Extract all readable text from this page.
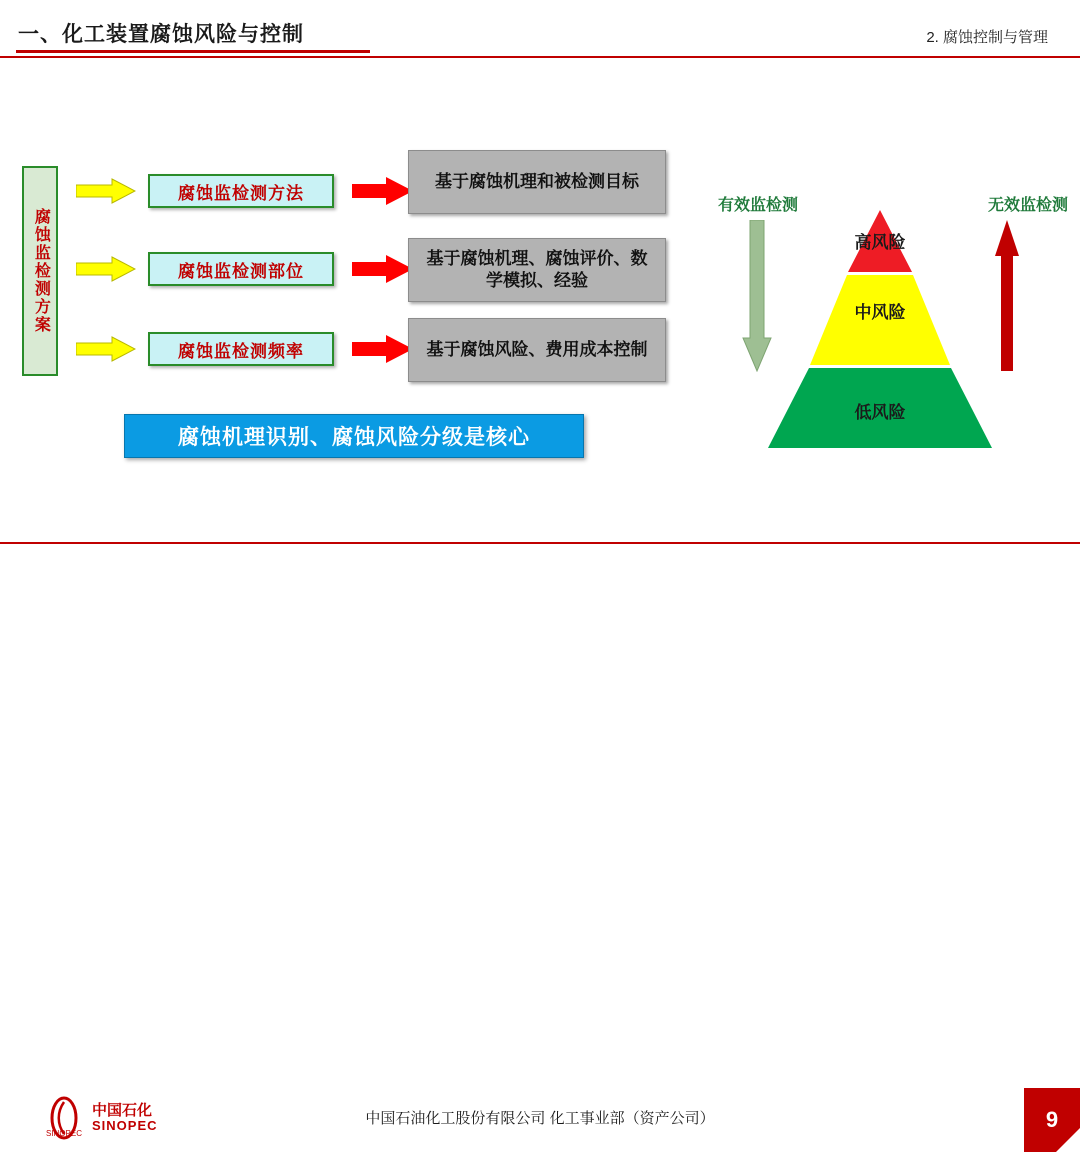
一、化工装置腐蚀风险与控制	2. 腐蚀控制与管理
腐蚀监检测方案
腐蚀监检测方法
腐蚀监检测部位
腐蚀监检测频率
基于腐蚀机理和被检测目标
基于腐蚀机理、腐蚀评价、数学模拟、经验
基于腐蚀风险、费用成本控制
腐蚀机理识别、腐蚀风险分级是核心
有效监检测	无效监检测
高风险
中风险
低风险
SINOPEC
中国石化
SINOPEC	中国石油化工股份有限公司 化工事业部（资产公司）	9
